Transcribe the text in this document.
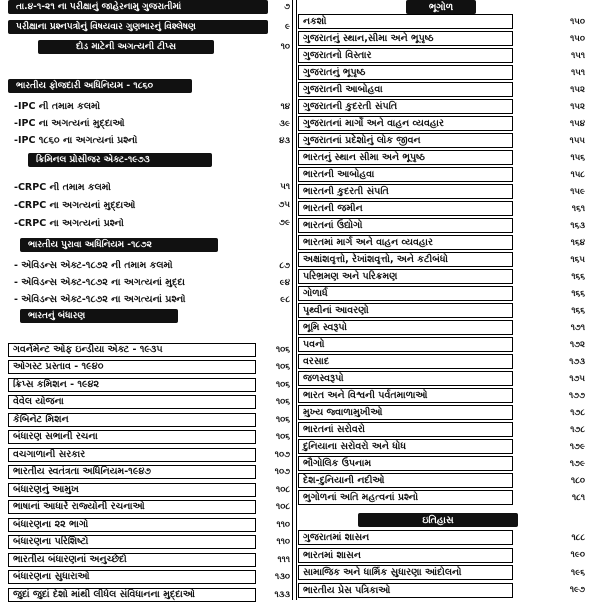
તા.૪-૧-૨૧ ના પરીક્ષાનું જાહેરનામુ ગુજરાતીમાં	૭
પરીક્ષાના પ્રશ્નપત્રોનું વિષયવાર ગુણભારનું વિશ્લેષણ	૯
દોડ માટેની અગત્યની ટીપ્સ	૧૦
ભારતીય ફોજદારી અધિનિયમ - ૧૮૬૦
-IPC ની તમામ કલમો	૧૪
-IPC ના અગત્યનાં મુદ્દાઓ	૩૯
-IPC ૧૮૬૦ ના અગત્યનાં પ્રશ્નો	૪૩
ક્રિમિનલ પ્રોસીજર એક્ટ-૧૯૭૩
-CRPC ની તમામ કલમો	૫૧
-CRPC ના અગત્યનાં મુદ્દાઓ	૭૫
-CRPC ના અગત્યનાં પ્રશ્નો	૭૯
ભારતીય પુરાવા અધિનિયમ -૧૮૭૨
- એવિડન્સ એક્ટ-૧૮૭૨ ની તમામ કલમો	૮૭
- એવિડન્સ એક્ટ-૧૮૭૨ ના અગત્યનાં મુદ્દા	૯૪
- એવિડન્સ એક્ટ-૧૮૭૨ ના અગત્યનાં પ્રશ્નો	૯૮
ભારતનું બંધારણ
ગવર્નમેન્ટ ઓફ ઇન્ડીયા એક્ટ - ૧૯૩૫	૧૦૬
ઓગસ્ટ પ્રસ્તાવ - ૧૯૪૦	૧૦૬
ક્રિપ્સ કમિશન - ૧૯૪૨	૧૦૬
વેવેલ યોજના	૧૦૬
કેબિનેટ મિશન	૧૦૬
બંધારણ સભાની રચના	૧૦૬
વચગાળાની સરકાર	૧૦૭
ભારતીય સ્વતંત્રતા અધિનિયમ-૧૯૪૭	૧૦૭
બંધારણનું આમુખ	૧૦૮
ભાષાનાં આધારે રાજ્યોની રચનાઓ	૧૦૮
બંધારણના ૨૨ ભાગો	૧૧૦
બંધારણના પરિશિષ્ટો	૧૧૦
ભારતીય બંધારણનાં અનુચ્છેદો	૧૧૧
બંધારણના સુધારાઓ	૧૩૦
જુદાં જુદાં દેશો માંથી લીધેલ સંવિધાનના મુદ્દાઓ	૧૩૩
ભૂગોળ
નકશો	૧૫૦
ગુજરાતનું સ્થાન,સીમા અને ભૂપૃષ્ઠ	૧૫૦
ગુજરાતનો વિસ્તાર	૧૫૧
ગુજરાતનું ભૂપૃષ્ઠ	૧૫૧
ગુજરાતની આબોહવા	૧૫૨
ગુજરાતની કુદરતી સંપતિ	૧૫૨
ગુજરાતનાં માર્ગો અને વાહન વ્યવહાર	૧૫૪
ગુજરાતનાં પ્રદેશોનું લોક જીવન	૧૫૫
ભારતનું સ્થાન સીમા અને ભૂપૃષ્ઠ	૧૫૬
ભારતની આબોહવા	૧૫૮
ભારતની કુદરતી સંપતિ	૧૫૯
ભારતની જમીન	૧૬૧
ભારતનાં ઉદ્યોગો	૧૬૩
ભારતમાં માર્ગ અને વાહન વ્યવહાર	૧૬૪
અક્ષાંશવૃત્તો, રેખાંશવૃત્તો, અને કટીબંધો	૧૬૫
પરિભ્રમણ અને પરિક્રમણ	૧૬૬
ગોળાર્ધ	૧૬૬
પૃથ્વીનાં આવરણો	૧૬૬
ભૂમિ સ્વરૂપો	૧૭૧
પવનો	૧૭૨
વરસાદ	૧૭૩
જળસ્વરૂપો	૧૭૫
ભારત અને વિશ્વની પર્વતમાળાઓ	૧૭૭
મુખ્ય જ્વાળામુખીઓ	૧૭૮
ભારતનાં સરોવરો	૧૭૮
દુનિયાના સરોવરો અને ધોધ	૧૭૯
ભૌગોલિક ઉપનામ	૧૭૯
દેશ-દુનિયાની નદીઓ	૧૮૦
ભુગોળનાં અતિ મહત્વનાં પ્રશ્નો	૧૮૧
ઇતિહાસ
ગુજરાતમાં શાસન	૧૮૮
ભારતમાં શાસન	૧૯૦
સામાજિક અને ધાર્મિક સુધારણા આંદોલનો	૧૯૬
ભારતીય પ્રેસ પત્રિકાઓ	૧૯૭
